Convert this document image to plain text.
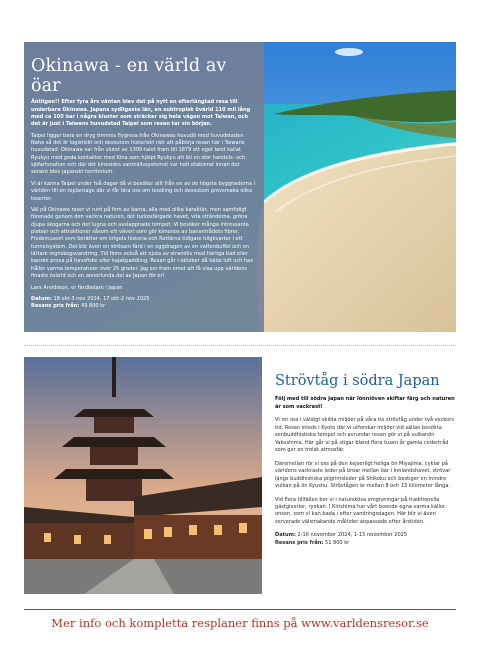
Okinawa - en värld av öar

Äntligen!! Efter fyra års väntan blev det på nytt en efterlängtad resa till underbara Okinawa. Japans sydligaste län, en subtropisk övärld 110 mil lång med ca 100 öar i några kluster som sträcker sig hela vägen mot Taiwan, och det är just i Taiwans huvudstad Taipei som resan tar sin början.

Taipei ligger bara en dryg timmes flygresa från Okinawas huvudö med huvudstaden Naha så det är logistiskt och dessutom historiskt rätt att påbörja resan här i Taiwans huvudstad. Okinawa var från slutet av 1300-talet fram till 1879 ett eget land kallat Ryukyu med goda kontakter med Kina som hjälpt Ryukyu att bli en stor handels- och sjöfartsnation och där det kinesiska samhällssystemet var helt etablerat innan det senare blev japanskt territorium.

Vi är kanna Taipei under två dagar då vi besöker allt från en av de högsta byggnaderna i världen till en teplantage där vi får lära oss om teodling och dessutom provsmaka olika teserter.

Väl på Okinawa reser vi runt på fem av öarna, alla med olika karaktär, men samtidigt förenade genom den vackra naturen, det turkosfärgade havet, vita stränderna, gröna djupa skogarna och det lugna och avslappnade tempot. Vi besöker många intressanta platser och attraktioner såsom ett väveri som gör kimonos av banantrådets fibrer, Fredsmuseet som berättar om krigets historia och Rotfärna tidigare högkvarter i ett tunnelsystem. Det blir även en strösam färd i en eggdragen av en vattenbuffel och en lättare regnskogsvandring. Tid finns också att njuta av strandliv med härliga bad eller kanske prova på havsfiske eller kajakpaddling. Resan går i oktober då bäde luft och hav håller varma temperaturer över 25 grader. Jag ser fram emot att få visa upp världens finaste övärld och en annorlunda del av Japan för er!

Lars Arvidsson, er färdledare i Japan

Datum: 18 okt-3 nov 2024, 17 okt-2 nov 2025

Resans pris från: 49 800 kr

Strövtåg i södra Japan

Följ med till södra Japan när lönnlöven skiftar färg och naturen är som vackrast!

Vi ror oss i väldigt skilda miljöer på våra tio strövtåg under två veckors tid. Resan inleds i Kyoto där vi utforskar miljöer vid sällan besökta zenbuddhistiska tempel och avrundar resan gör vi på vulkanön Yakushima. Här går vi på stigar bland flera tusen år gamla cedertråd som ger en trolsk atmosfär.

Däremellan rör vi oss på den kejserligt heliga ön Miyajima, cyklar på världens vackraste leder på broar mellan öar i Innlandshavet, strövar längs buddhistiska pilgrimsleder på Shikoku och bestiger en mindre vulkan på ön Kyushu. Strövtågen är mellan 8 och 13 kilometer långa.

Vid flera tillfällen bor vi i naturskösa omgivningar på traditionella gästgiverier, ryokan. I Kirishima har vårt boende egna varma källor, onsen, som vi kan bada i efter vandringsdagen. Här blir vi även serverade välsmakande måltider anpassade efter årstiden.

Datum: 2-16 november 2024, 1-15 november 2025

Resans pris från: 51 800 kr

Mer info och kompletta resplaner finns på www.varldensresor.se
